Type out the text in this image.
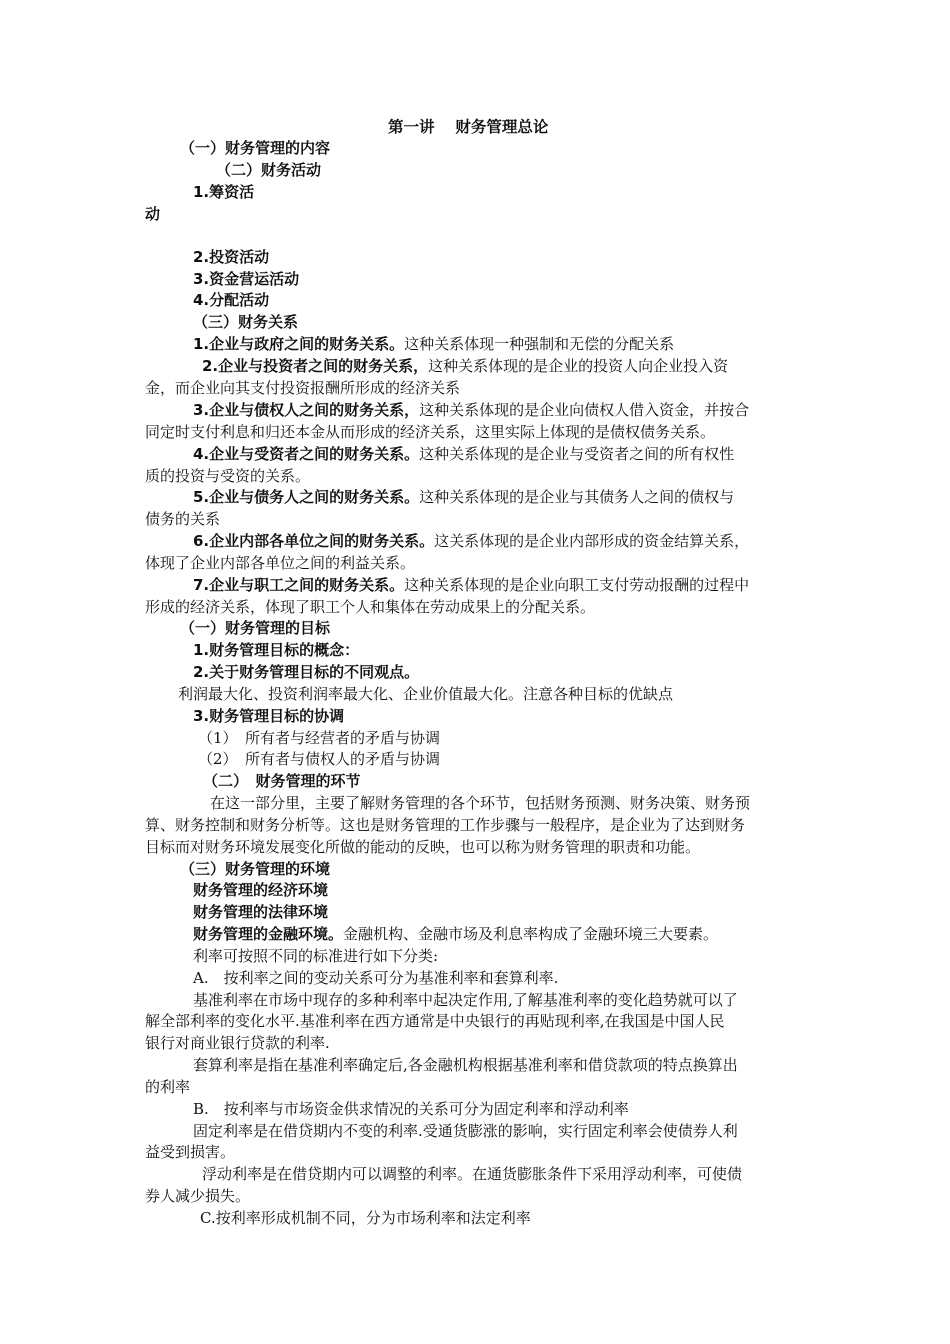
第一讲　 财务管理总论
（一）财务管理的内容
（二）财务活动
1.筹资活
动
2.投资活动
3.资金营运活动
4.分配活动
（三）财务关系
1.企业与政府之间的财务关系。这种关系体现一种强制和无偿的分配关系
2.企业与投资者之间的财务关系，这种关系体现的是企业的投资人向企业投入资
金，而企业向其支付投资报酬所形成的经济关系
3.企业与债权人之间的财务关系，这种关系体现的是企业向债权人借入资金，并按合
同定时支付利息和归还本金从而形成的经济关系，这里实际上体现的是债权债务关系。
4.企业与受资者之间的财务关系。这种关系体现的是企业与受资者之间的所有权性
质的投资与受资的关系。
5.企业与债务人之间的财务关系。这种关系体现的是企业与其债务人之间的债权与
债务的关系
6.企业内部各单位之间的财务关系。这关系体现的是企业内部形成的资金结算关系，
体现了企业内部各单位之间的利益关系。
7.企业与职工之间的财务关系。这种关系体现的是企业向职工支付劳动报酬的过程中
形成的经济关系，体现了职工个人和集体在劳动成果上的分配关系。
（一）财务管理的目标
1.财务管理目标的概念：
2.关于财务管理目标的不同观点。
利润最大化、投资利润率最大化、企业价值最大化。注意各种目标的优缺点
3.财务管理目标的协调
（1）　所有者与经营者的矛盾与协调
（2）　所有者与债权人的矛盾与协调
（二）　财务管理的环节
在这一部分里，主要了解财务管理的各个环节，包括财务预测、财务决策、财务预
算、财务控制和财务分析等。这也是财务管理的工作步骤与一般程序，是企业为了达到财务
目标而对财务环境发展变化所做的能动的反映，也可以称为财务管理的职责和功能。
（三）财务管理的环境
财务管理的经济环境
财务管理的法律环境
财务管理的金融环境。金融机构、金融市场及利息率构成了金融环境三大要素。
利率可按照不同的标准进行如下分类:
A.　按利率之间的变动关系可分为基准利率和套算利率.
基准利率在市场中现存的多种利率中起决定作用,了解基准利率的变化趋势就可以了
解全部利率的变化水平.基准利率在西方通常是中央银行的再贴现利率,在我国是中国人民
银行对商业银行贷款的利率.
套算利率是指在基准利率确定后,各金融机构根据基准利率和借贷款项的特点换算出
的利率
B.　按利率与市场资金供求情况的关系可分为固定利率和浮动利率
固定利率是在借贷期内不变的利率.受通货膨涨的影响，实行固定利率会使债券人利
益受到损害。
浮动利率是在借贷期内可以调整的利率。在通货膨胀条件下采用浮动利率，可使债
券人减少损失。
C.按利率形成机制不同，分为市场利率和法定利率
